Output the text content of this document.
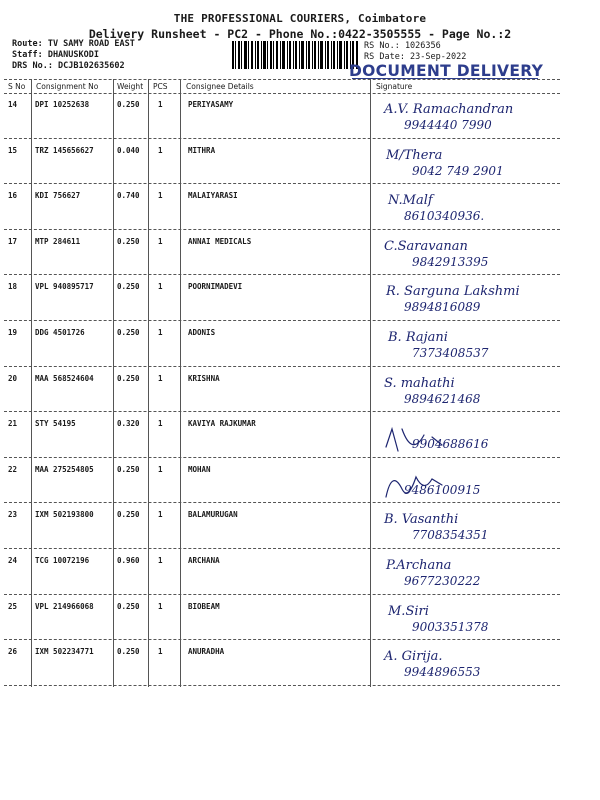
THE PROFESSIONAL COURIERS, Coimbatore
Delivery Runsheet - PC2 - Phone No.:0422-3505555 - Page No.:2
Route: TV SAMY ROAD EAST
Staff: DHANUSKODI
DRS No.: DCJB102635602
RS No.: 1026356
RS Date: 23-Sep-2022
DOCUMENT DELIVERY
S No Consignment No Weight PCS Consignee Details	Signature
14 DPI 10252638	0.250 1	PERIYASAMY	A.V. Ramachandran
9944440 7990
15 TRZ 145656627	0.040 1	MITHRA	M/Thera
9042 749 2901
16 KDI 756627	0.740 1	MALAIYARASI	N.Malf
8610340936.
17 MTP 284611	0.250 1	ANNAI MEDICALS	C.Saravanan
9842913395
18 VPL 940895717	0.250 1	POORNIMADEVI	R. Sarguna Lakshmi
9894816089
19 DDG 4501726	0.250 1	ADONIS	B. Rajani
7373408537
20 MAA 568524604	0.250 1	KRISHNA	S. mahathi
9894621468
21 STY 54195	0.320 1	KAVIYA RAJKUMAR
9904688616
22 MAA 275254805	0.250 1	MOHAN
9486100915
23 IXM 502193800	0.250 1	BALAMURUGAN	B. Vasanthi
7708354351
24 TCG 10072196	0.960 1	ARCHANA	P.Archana
9677230222
25 VPL 214966068	0.250 1	BIOBEAM	M.Siri
9003351378
26 IXM 502234771	0.250 1	ANURADHA	A. Girija.
9944896553
